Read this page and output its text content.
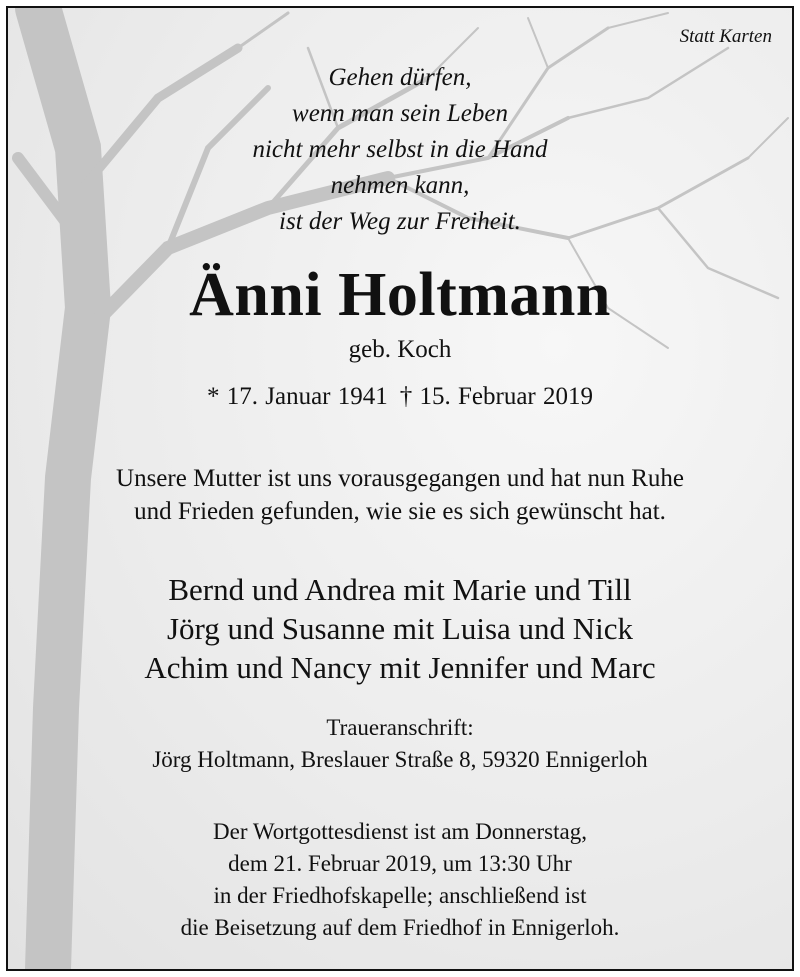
Statt Karten
Gehen dürfen,
wenn man sein Leben
nicht mehr selbst in die Hand
nehmen kann,
ist der Weg zur Freiheit.
Änni Holtmann
geb. Koch
* 17. Januar 1941 † 15. Februar 2019
Unsere Mutter ist uns vorausgegangen und hat nun Ruhe
und Frieden gefunden, wie sie es sich gewünscht hat.
Bernd und Andrea mit Marie und Till
Jörg und Susanne mit Luisa und Nick
Achim und Nancy mit Jennifer und Marc
Traueranschrift:
Jörg Holtmann, Breslauer Straße 8, 59320 Ennigerloh
Der Wortgottesdienst ist am Donnerstag,
dem 21. Februar 2019, um 13:30 Uhr
in der Friedhofskapelle; anschließend ist
die Beisetzung auf dem Friedhof in Ennigerloh.
